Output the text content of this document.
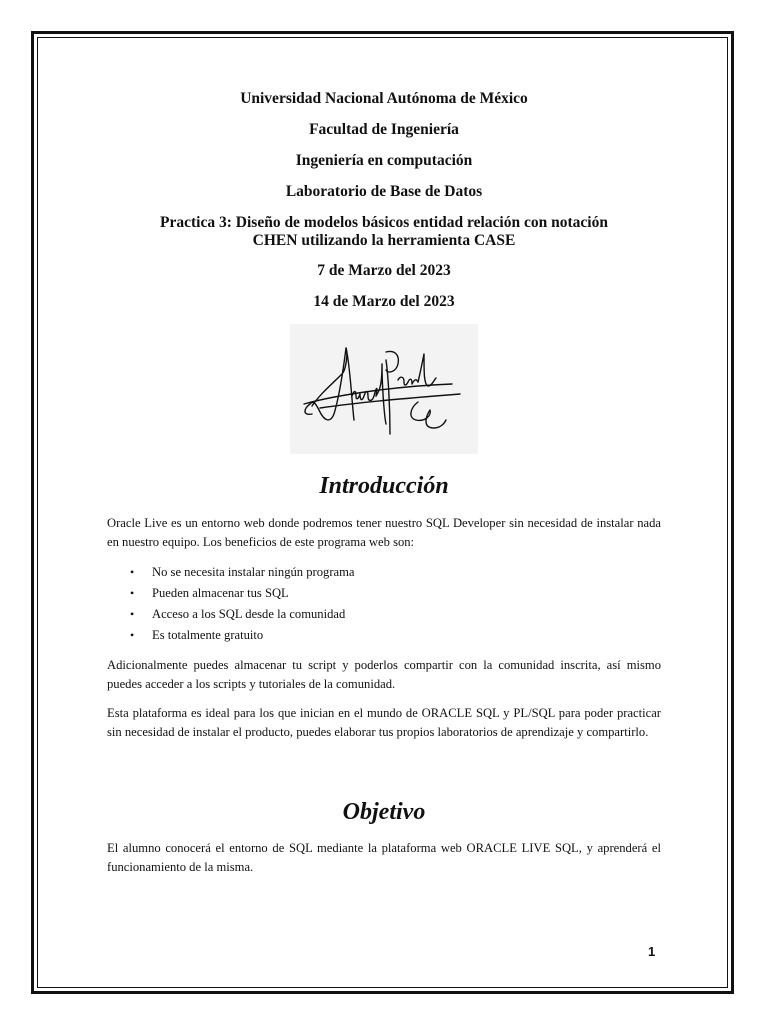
Universidad Nacional Autónoma de México
Facultad de Ingeniería
Ingeniería en computación
Laboratorio de Base de Datos
Practica 3: Diseño de modelos básicos entidad relación con notación
CHEN utilizando la herramienta CASE
7 de Marzo del 2023
14 de Marzo del 2023
Introducción

Oracle Live es un entorno web donde podremos tener nuestro SQL Developer sin necesidad de instalar nada en nuestro equipo. Los beneficios de este programa web son:

• No se necesita instalar ningún programa
• Pueden almacenar tus SQL
• Acceso a los SQL desde la comunidad
• Es totalmente gratuito

Adicionalmente puedes almacenar tu script y poderlos compartir con la comunidad inscrita, así mismo puedes acceder a los scripts y tutoriales de la comunidad.

Esta plataforma es ideal para los que inician en el mundo de ORACLE SQL y PL/SQL para poder practicar sin necesidad de instalar el producto, puedes elaborar tus propios laboratorios de aprendizaje y compartirlo.

Objetivo

El alumno conocerá el entorno de SQL mediante la plataforma web ORACLE LIVE SQL, y aprenderá el funcionamiento de la misma.

1
